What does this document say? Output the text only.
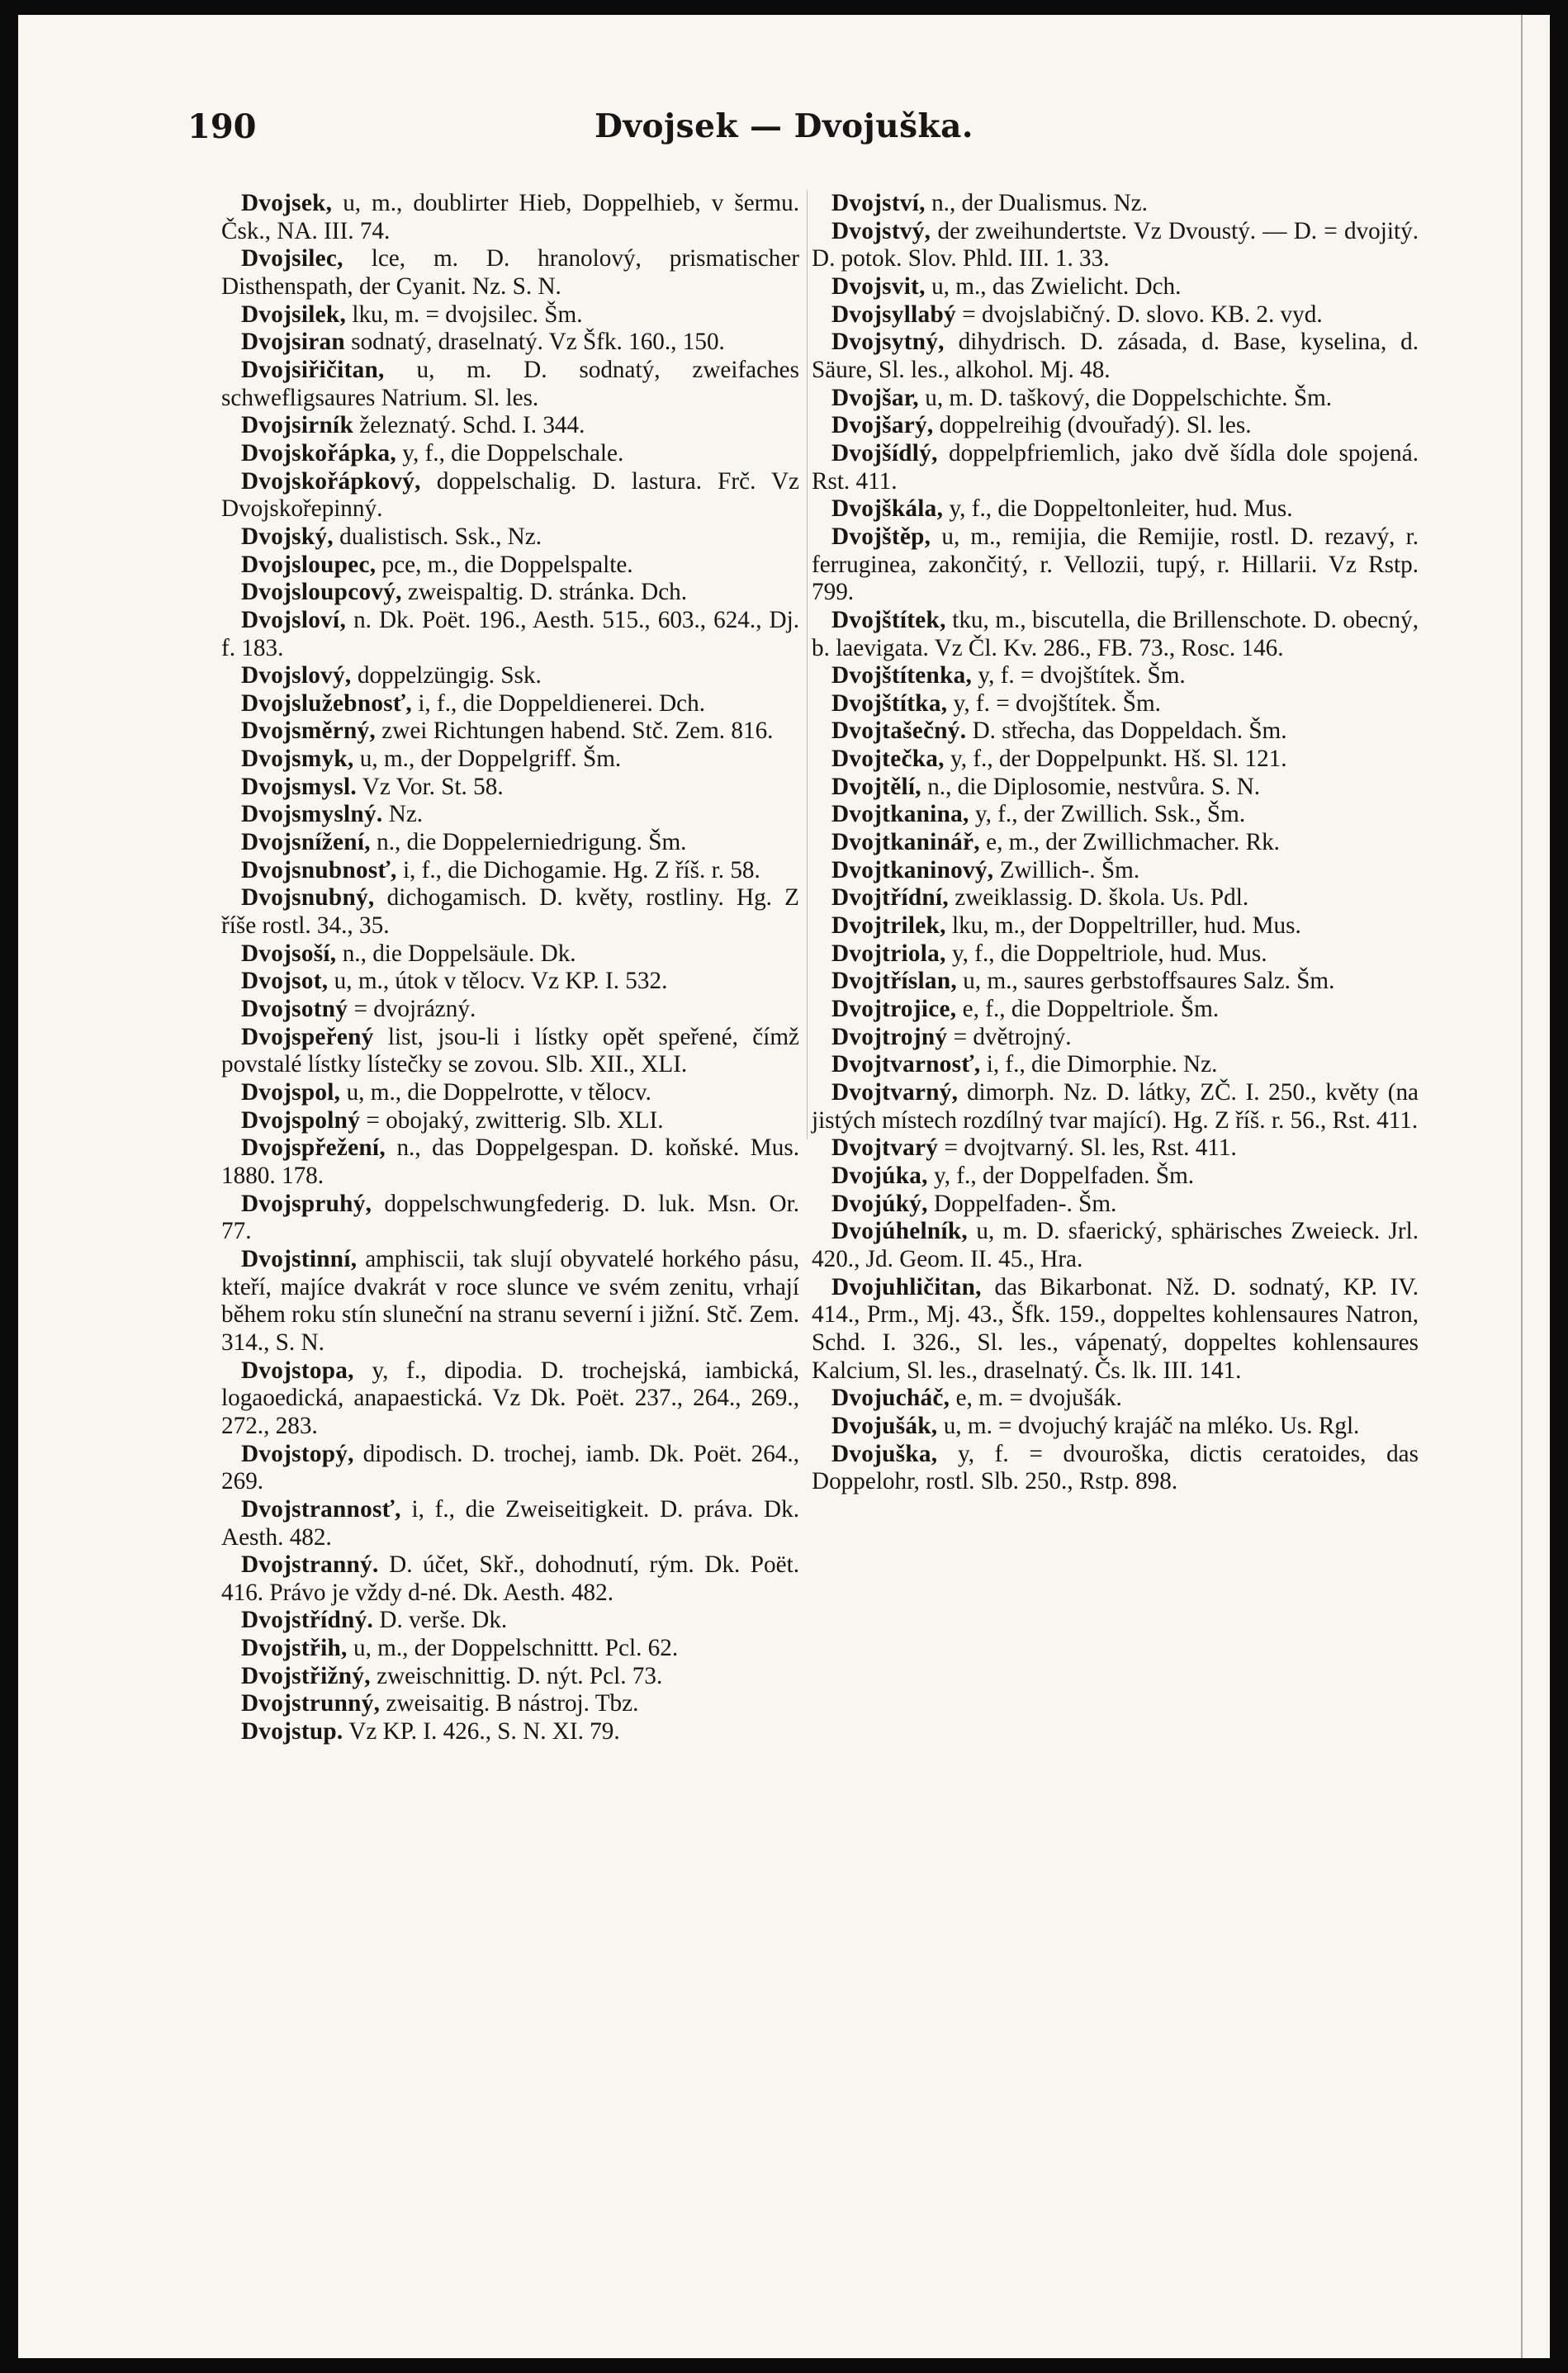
190	Dvojsek — Dvojuška.

Dvojsek, u, m., doublirter Hieb, Doppelhieb, v šermu. Čsk., NA. III. 74.

Dvojsilec, lce, m. D. hranolový, prismatischer Disthenspath, der Cyanit. Nz. S. N.

Dvojsilek, lku, m. = dvojsilec. Šm.

Dvojsiran sodnatý, draselnatý. Vz Šfk. 160., 150.

Dvojsiřičitan, u, m. D. sodnatý, zweifaches schwefligsaures Natrium. Sl. les.

Dvojsirník železnatý. Schd. I. 344.

Dvojskořápka, y, f., die Doppelschale.

Dvojskořápkový, doppelschalig. D. lastura. Frč. Vz Dvojskořepinný.

Dvojský, dualistisch. Ssk., Nz.

Dvojsloupec, pce, m., die Doppelspalte.

Dvojsloupcový, zweispaltig. D. stránka. Dch.

Dvojsloví, n. Dk. Poët. 196., Aesth. 515., 603., 624., Dj. f. 183.

Dvojslový, doppelzüngig. Ssk.

Dvojslužebnosť, i, f., die Doppeldienerei. Dch.

Dvojsměrný, zwei Richtungen habend. Stč. Zem. 816.

Dvojsmyk, u, m., der Doppelgriff. Šm.

Dvojsmysl. Vz Vor. St. 58.

Dvojsmyslný. Nz.

Dvojsnížení, n., die Doppelerniedrigung. Šm.

Dvojsnubnosť, i, f., die Dichogamie. Hg. Z říš. r. 58.

Dvojsnubný, dichogamisch. D. květy, rostliny. Hg. Z říše rostl. 34., 35.

Dvojsoší, n., die Doppelsäule. Dk.

Dvojsot, u, m., útok v tělocv. Vz KP. I. 532.

Dvojsotný = dvojrázný.

Dvojspeřený list, jsou-li i lístky opět speřené, čímž povstalé lístky lístečky se zovou. Slb. XII., XLI.

Dvojspol, u, m., die Doppelrotte, v tělocv.

Dvojspolný = obojaký, zwitterig. Slb. XLI.

Dvojspřežení, n., das Doppelgespan. D. koňské. Mus. 1880. 178.

Dvojspruhý, doppelschwungfederig. D. luk. Msn. Or. 77.

Dvojstinní, amphiscii, tak slují obyvatelé horkého pásu, kteří, majíce dvakrát v roce slunce ve svém zenitu, vrhají během roku stín sluneční na stranu severní i jižní. Stč. Zem. 314., S. N.

Dvojstopa, y, f., dipodia. D. trochejská, iambická, logaoedická, anapaestická. Vz Dk. Poët. 237., 264., 269., 272., 283.

Dvojstopý, dipodisch. D. trochej, iamb. Dk. Poët. 264., 269.

Dvojstrannosť, i, f., die Zweiseitigkeit. D. práva. Dk. Aesth. 482.

Dvojstranný. D. účet, Skř., dohodnutí, rým. Dk. Poët. 416. Právo je vždy d-né. Dk. Aesth. 482.

Dvojstřídný. D. verše. Dk.

Dvojstřih, u, m., der Doppelschnittt. Pcl. 62.

Dvojstřižný, zweischnittig. D. nýt. Pcl. 73.

Dvojstrunný, zweisaitig. B nástroj. Tbz.

Dvojstup. Vz KP. I. 426., S. N. XI. 79.

Dvojství, n., der Dualismus. Nz.

Dvojstvý, der zweihundertste. Vz Dvoustý. — D. = dvojitý. D. potok. Slov. Phld. III. 1. 33.

Dvojsvit, u, m., das Zwielicht. Dch.

Dvojsyllabý = dvojslabičný. D. slovo. KB. 2. vyd.

Dvojsytný, dihydrisch. D. zásada, d. Base, kyselina, d. Säure, Sl. les., alkohol. Mj. 48.

Dvojšar, u, m. D. taškový, die Doppelschichte. Šm.

Dvojšarý, doppelreihig (dvouřadý). Sl. les.

Dvojšídlý, doppelpfriemlich, jako dvě šídla dole spojená. Rst. 411.

Dvojškála, y, f., die Doppeltonleiter, hud. Mus.

Dvojštěp, u, m., remijia, die Remijie, rostl. D. rezavý, r. ferruginea, zakončitý, r. Vellozii, tupý, r. Hillarii. Vz Rstp. 799.

Dvojštítek, tku, m., biscutella, die Brillenschote. D. obecný, b. laevigata. Vz Čl. Kv. 286., FB. 73., Rosc. 146.

Dvojštítenka, y, f. = dvojštítek. Šm.

Dvojštítka, y, f. = dvojštítek. Šm.

Dvojtašečný. D. střecha, das Doppeldach. Šm.

Dvojtečka, y, f., der Doppelpunkt. Hš. Sl. 121.

Dvojtělí, n., die Diplosomie, nestvůra. S. N.

Dvojtkanina, y, f., der Zwillich. Ssk., Šm.

Dvojtkaninář, e, m., der Zwillichmacher. Rk.

Dvojtkaninový, Zwillich-. Šm.

Dvojtřídní, zweiklassig. D. škola. Us. Pdl.

Dvojtrilek, lku, m., der Doppeltriller, hud. Mus.

Dvojtriola, y, f., die Doppeltriole, hud. Mus.

Dvojtříslan, u, m., saures gerbstoffsaures Salz. Šm.

Dvojtrojice, e, f., die Doppeltriole. Šm.

Dvojtrojný = dvětrojný.

Dvojtvarnosť, i, f., die Dimorphie. Nz.

Dvojtvarný, dimorph. Nz. D. látky, ZČ. I. 250., květy (na jistých místech rozdílný tvar mající). Hg. Z říš. r. 56., Rst. 411.

Dvojtvarý = dvojtvarný. Sl. les, Rst. 411.

Dvojúka, y, f., der Doppelfaden. Šm.

Dvojúký, Doppelfaden-. Šm.

Dvojúhelník, u, m. D. sfaerický, sphärisches Zweieck. Jrl. 420., Jd. Geom. II. 45., Hra.

Dvojuhličitan, das Bikarbonat. Nž. D. sodnatý, KP. IV. 414., Prm., Mj. 43., Šfk. 159., doppeltes kohlensaures Natron, Schd. I. 326., Sl. les., vápenatý, doppeltes kohlensaures Kalcium, Sl. les., draselnatý. Čs. lk. III. 141.

Dvojucháč, e, m. = dvojušák.

Dvojušák, u, m. = dvojuchý krajáč na mléko. Us. Rgl.

Dvojuška, y, f. = dvouroška, dictis ceratoides, das Doppelohr, rostl. Slb. 250., Rstp. 898.
